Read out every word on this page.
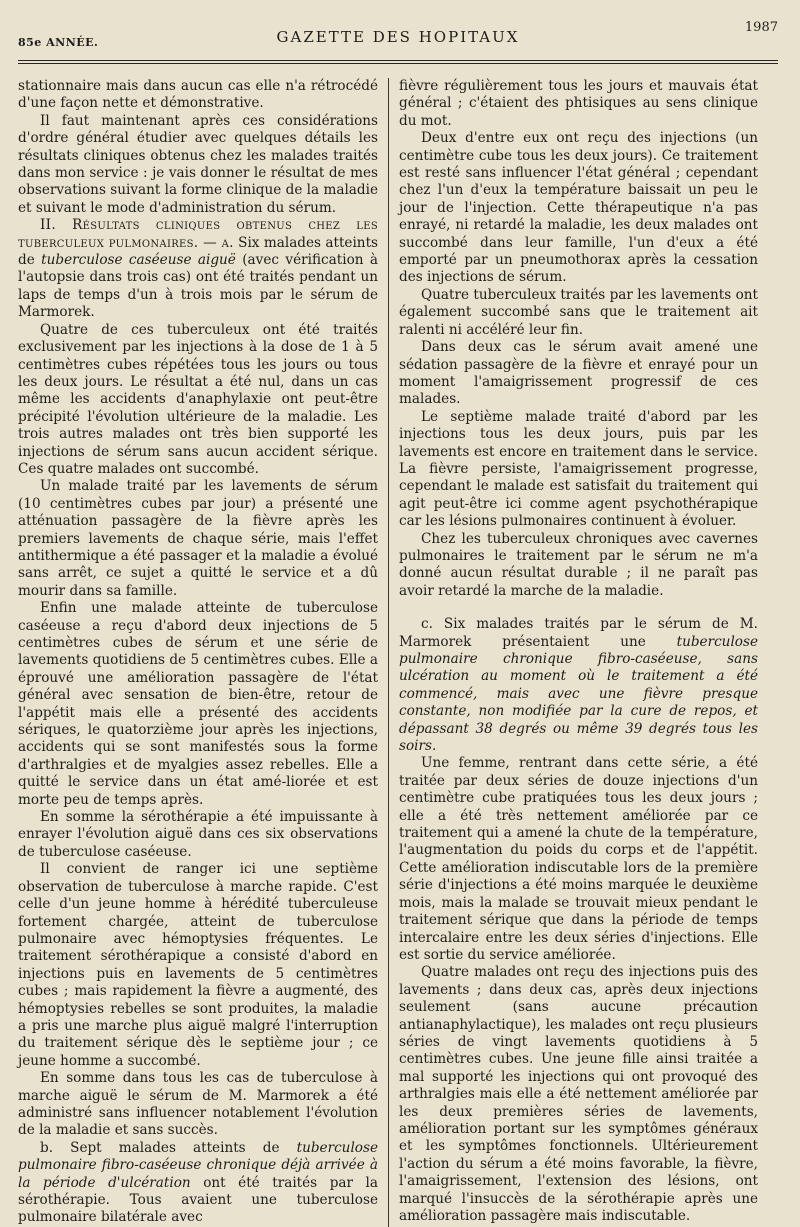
85e ANNÉE.	GAZETTE DES HOPITAUX
1987

stationnaire mais dans aucun cas elle n'a rétrocédé d'une façon nette et démonstrative.

Il faut maintenant après ces considérations d'ordre général étudier avec quelques détails les résultats cliniques obtenus chez les malades traités dans mon service : je vais donner le résultat de mes observations suivant la forme clinique de la maladie et suivant le mode d'administration du sérum.

II. Résultats cliniques obtenus chez les tuberculeux pulmonaires. — a. Six malades atteints de tuberculose caséeuse aiguë (avec vérification à l'autopsie dans trois cas) ont été traités pendant un laps de temps d'un à trois mois par le sérum de Marmorek.

Quatre de ces tuberculeux ont été traités exclusivement par les injections à la dose de 1 à 5 centimètres cubes répétées tous les jours ou tous les deux jours. Le résultat a été nul, dans un cas même les accidents d'anaphylaxie ont peut-être précipité l'évolution ultérieure de la maladie. Les trois autres malades ont très bien supporté les injections de sérum sans aucun accident sérique. Ces quatre malades ont succombé.

Un malade traité par les lavements de sérum (10 centimètres cubes par jour) a présenté une atténuation passagère de la fièvre après les premiers lavements de chaque série, mais l'effet antithermique a été passager et la maladie a évolué sans arrêt, ce sujet a quitté le service et a dû mourir dans sa famille.

Enfin une malade atteinte de tuberculose caséeuse a reçu d'abord deux injections de 5 centimètres cubes de sérum et une série de lavements quotidiens de 5 centimètres cubes. Elle a éprouvé une amélioration passagère de l'état général avec sensation de bien-être, retour de l'appétit mais elle a présenté des accidents sériques, le quatorzième jour après les injections, accidents qui se sont manifestés sous la forme d'arthralgies et de myalgies assez rebelles. Elle a quitté le service dans un état amé-liorée et est morte peu de temps après.

En somme la sérothérapie a été impuissante à enrayer l'évolution aiguë dans ces six observations de tuberculose caséeuse.

Il convient de ranger ici une septième observation de tuberculose à marche rapide. C'est celle d'un jeune homme à hérédité tuberculeuse fortement chargée, atteint de tuberculose pulmonaire avec hémoptysies fréquentes. Le traitement sérothérapique a consisté d'abord en injections puis en lavements de 5 centimètres cubes ; mais rapidement la fièvre a augmenté, des hémoptysies rebelles se sont produites, la maladie a pris une marche plus aiguë malgré l'interruption du traitement sérique dès le septième jour ; ce jeune homme a succombé.

En somme dans tous les cas de tuberculose à marche aiguë le sérum de M. Marmorek a été administré sans influencer notablement l'évolution de la maladie et sans succès.

b. Sept malades atteints de tuberculose pulmonaire fibro-caséeuse chronique déjà arrivée à la période d'ulcération ont été traités par la sérothérapie. Tous avaient une tuberculose pulmonaire bilatérale avec

fièvre régulièrement tous les jours et mauvais état général ; c'étaient des phtisiques au sens clinique du mot.

Deux d'entre eux ont reçu des injections (un centimètre cube tous les deux jours). Ce traitement est resté sans influencer l'état général ; cependant chez l'un d'eux la température baissait un peu le jour de l'injection. Cette thérapeutique n'a pas enrayé, ni retardé la maladie, les deux malades ont succombé dans leur famille, l'un d'eux a été emporté par un pneumothorax après la cessation des injections de sérum.

Quatre tuberculeux traités par les lavements ont également succombé sans que le traitement ait ralenti ni accéléré leur fin.

Dans deux cas le sérum avait amené une sédation passagère de la fièvre et enrayé pour un moment l'amaigrissement progressif de ces malades.

Le septième malade traité d'abord par les injections tous les deux jours, puis par les lavements est encore en traitement dans le service. La fièvre persiste, l'amaigrissement progresse, cependant le malade est satisfait du traitement qui agit peut-être ici comme agent psychothérapique car les lésions pulmonaires continuent à évoluer.

Chez les tuberculeux chroniques avec cavernes pulmonaires le traitement par le sérum ne m'a donné aucun résultat durable ; il ne paraît pas avoir retardé la marche de la maladie.

c. Six malades traités par le sérum de M. Marmorek présentaient une tuberculose pulmonaire chronique fibro-caséeuse, sans ulcération au moment où le traitement a été commencé, mais avec une fièvre presque constante, non modifiée par la cure de repos, et dépassant 38 degrés ou même 39 degrés tous les soirs.

Une femme, rentrant dans cette série, a été traitée par deux séries de douze injections d'un centimètre cube pratiquées tous les deux jours ; elle a été très nettement améliorée par ce traitement qui a amené la chute de la température, l'augmentation du poids du corps et de l'appétit. Cette amélioration indiscutable lors de la première série d'injections a été moins marquée le deuxième mois, mais la malade se trouvait mieux pendant le traitement sérique que dans la période de temps intercalaire entre les deux séries d'injections. Elle est sortie du service améliorée.

Quatre malades ont reçu des injections puis des lavements ; dans deux cas, après deux injections seulement (sans aucune précaution antianaphylactique), les malades ont reçu plusieurs séries de vingt lavements quotidiens à 5 centimètres cubes. Une jeune fille ainsi traitée a mal supporté les injections qui ont provoqué des arthralgies mais elle a été nettement améliorée par les deux premières séries de lavements, amélioration portant sur les symptômes généraux et les symptômes fonctionnels. Ultérieurement l'action du sérum a été moins favorable, la fièvre, l'amaigrissement, l'extension des lésions, ont marqué l'insuccès de la sérothérapie après une amélioration passagère mais indiscutable.
